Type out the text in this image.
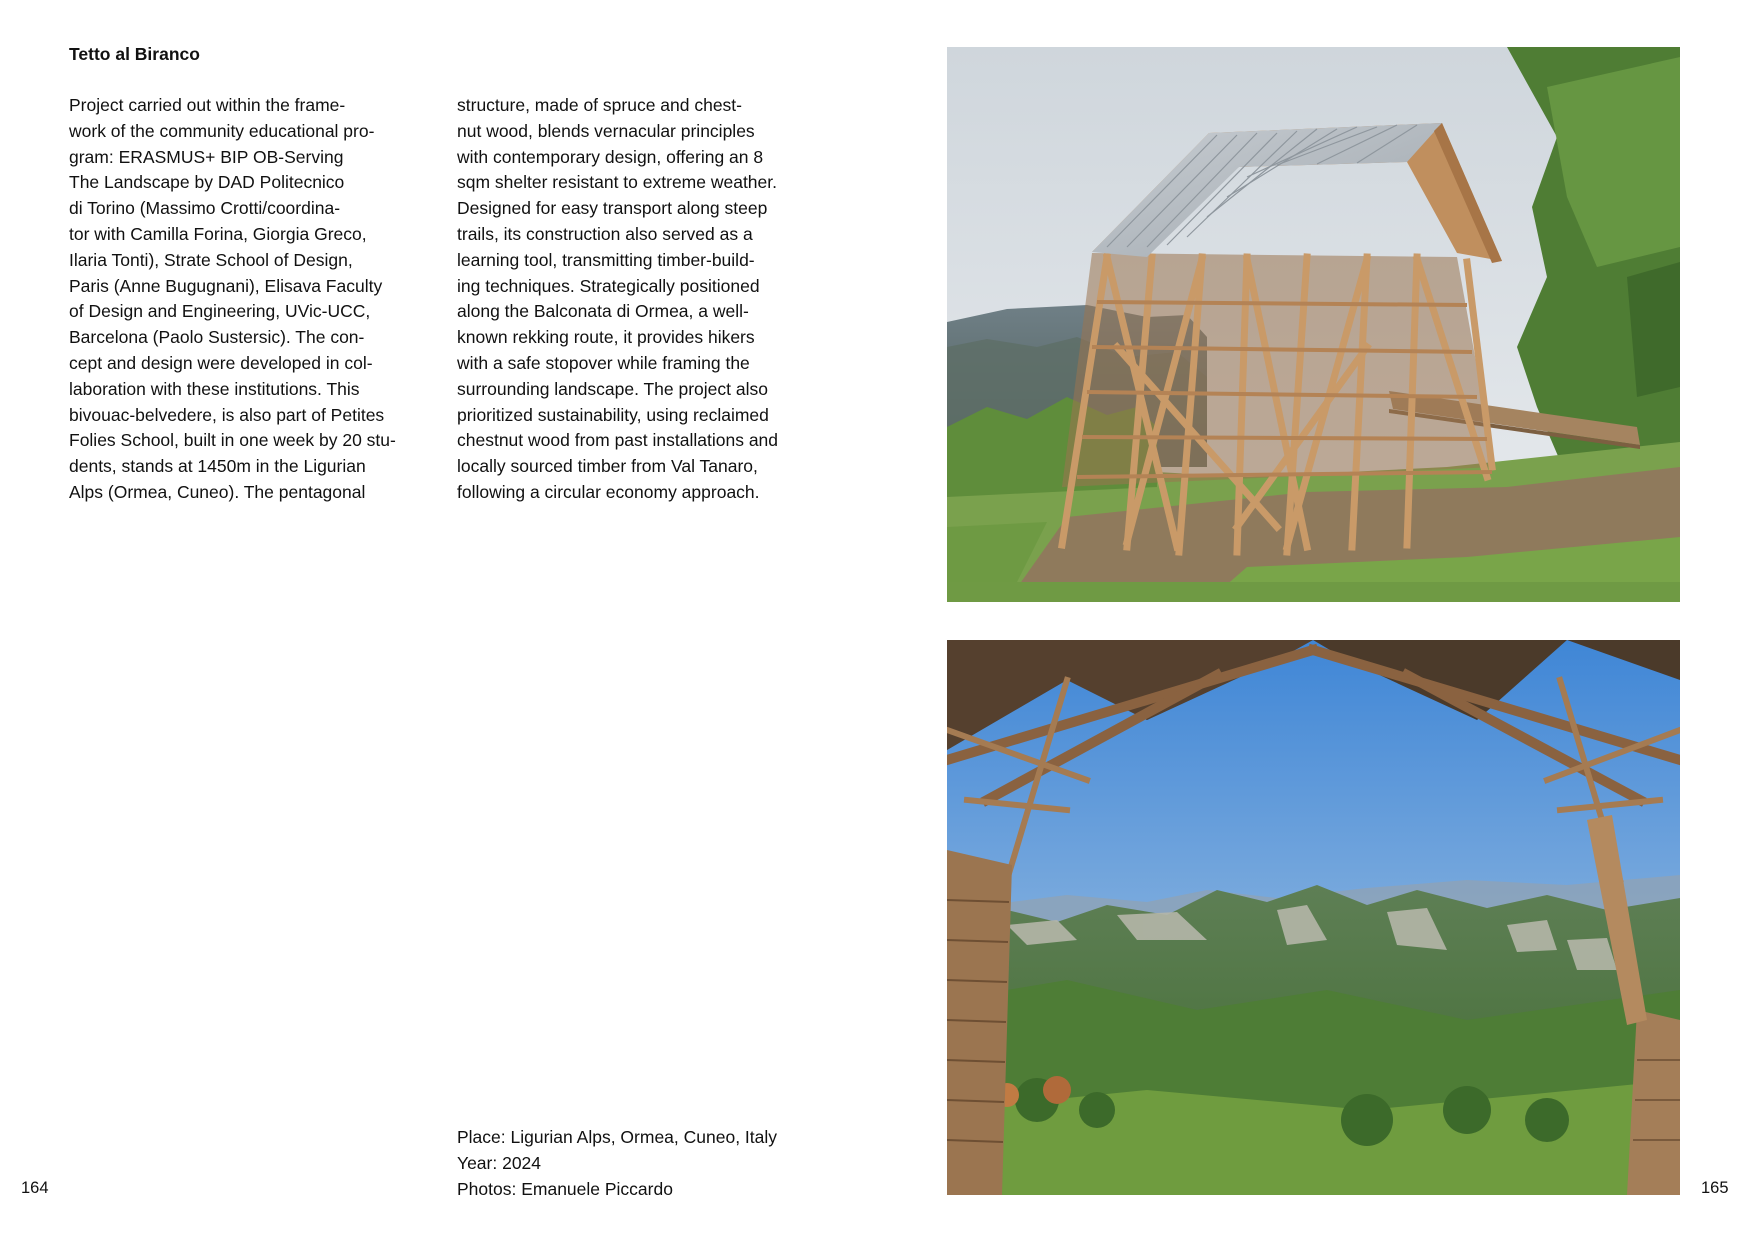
Tetto al Biranco
Project carried out within the frame-
work of the community educational pro-
gram: ERASMUS+ BIP OB-Serving
The Landscape by DAD Politecnico
di Torino (Massimo Crotti/coordina-
tor with Camilla Forina, Giorgia Greco,
Ilaria Tonti), Strate School of Design,
Paris (Anne Bugugnani), Elisava Faculty
of Design and Engineering, UVic-UCC,
Barcelona (Paolo Sustersic). The con-
cept and design were developed in col-
laboration with these institutions. This
bivouac-belvedere, is also part of Petites
Folies School, built in one week by 20 stu-
dents, stands at 1450m in the Ligurian
Alps (Ormea, Cuneo). The pentagonal
structure, made of spruce and chest-
nut wood, blends vernacular principles
with contemporary design, offering an 8
sqm shelter resistant to extreme weather.
Designed for easy transport along steep
trails, its construction also served as a
learning tool, transmitting timber-build-
ing techniques. Strategically positioned
along the Balconata di Ormea, a well-
known rekking route, it provides hikers
with a safe stopover while framing the
surrounding landscape. The project also
prioritized sustainability, using reclaimed
chestnut wood from past installations and
locally sourced timber from Val Tanaro,
following a circular economy approach.
Place: Ligurian Alps, Ormea, Cuneo, Italy
Year: 2024
Photos: Emanuele Piccardo
164	165
